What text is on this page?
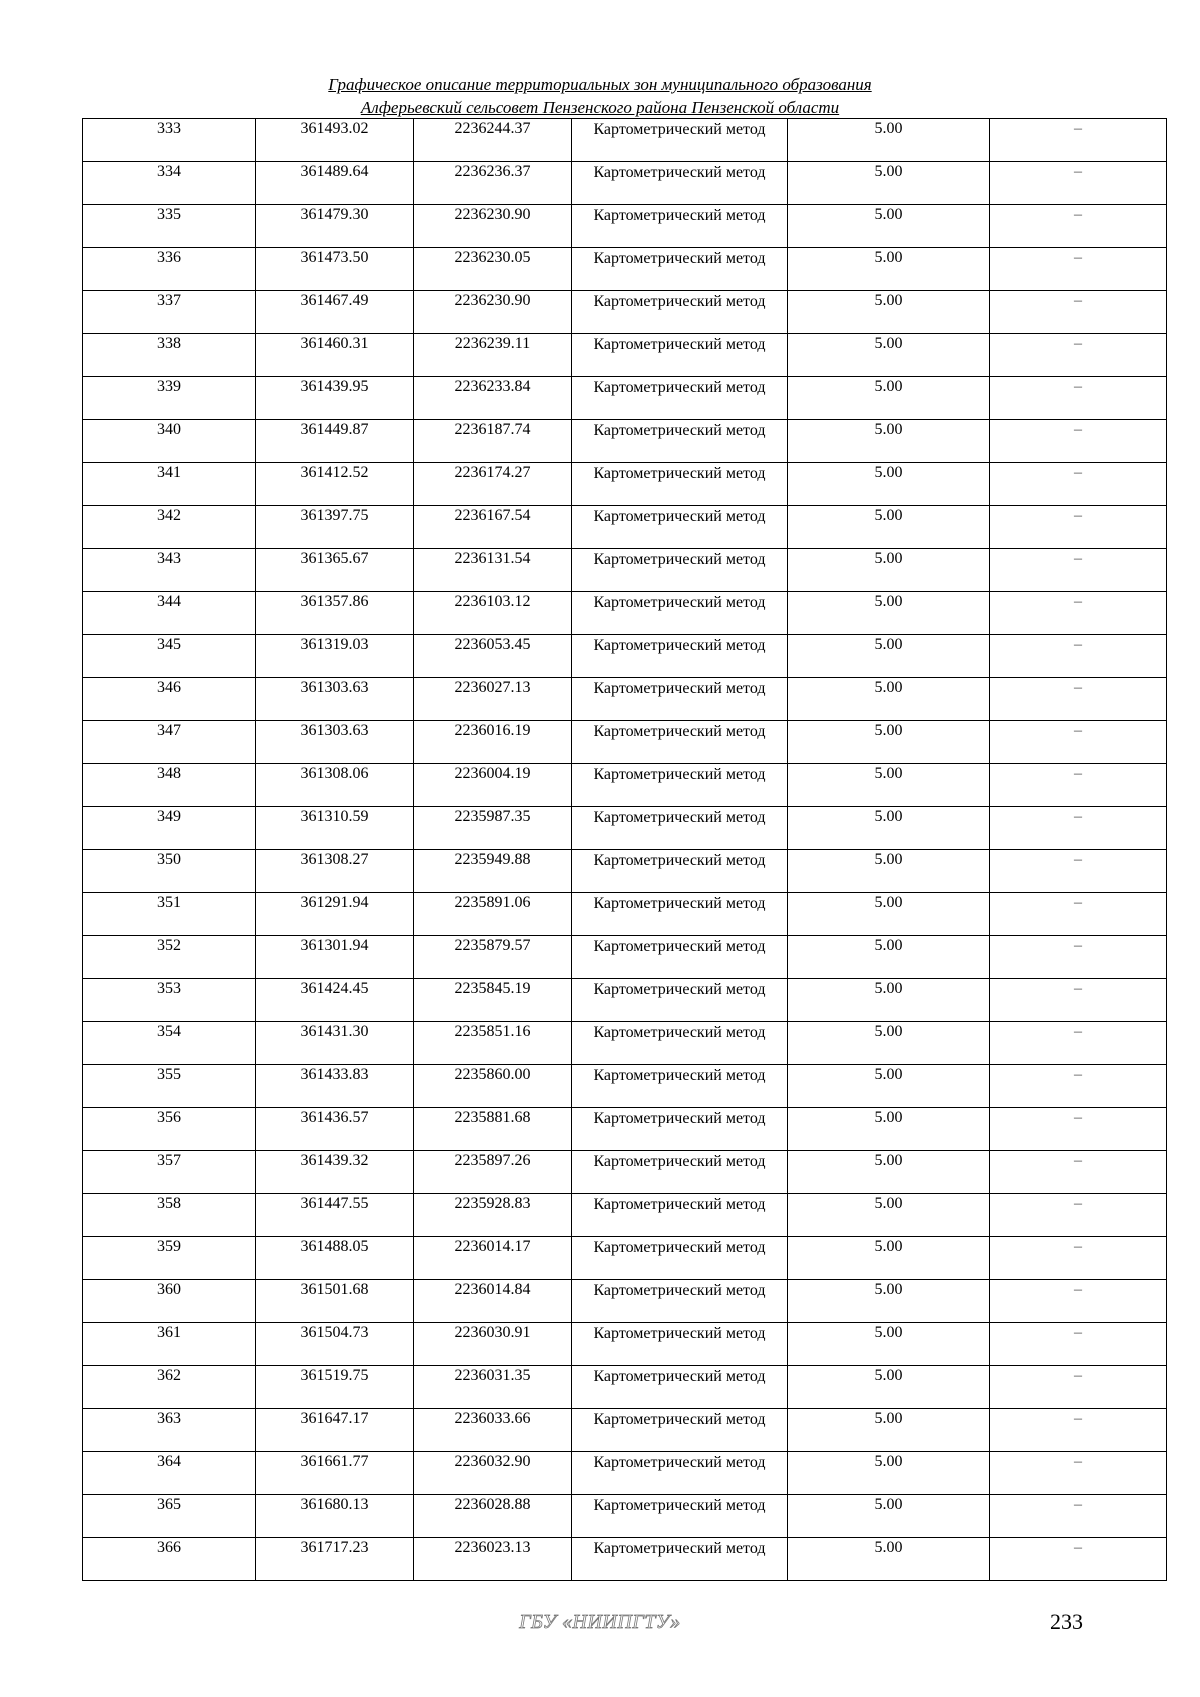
Графическое описание территориальных зон муниципального образования
Алферьевский сельсовет Пензенского района Пензенской области
333	361493.02	2236244.37	Картометрический метод	5.00	–
334	361489.64	2236236.37	Картометрический метод	5.00	–
335	361479.30	2236230.90	Картометрический метод	5.00	–
336	361473.50	2236230.05	Картометрический метод	5.00	–
337	361467.49	2236230.90	Картометрический метод	5.00	–
338	361460.31	2236239.11	Картометрический метод	5.00	–
339	361439.95	2236233.84	Картометрический метод	5.00	–
340	361449.87	2236187.74	Картометрический метод	5.00	–
341	361412.52	2236174.27	Картометрический метод	5.00	–
342	361397.75	2236167.54	Картометрический метод	5.00	–
343	361365.67	2236131.54	Картометрический метод	5.00	–
344	361357.86	2236103.12	Картометрический метод	5.00	–
345	361319.03	2236053.45	Картометрический метод	5.00	–
346	361303.63	2236027.13	Картометрический метод	5.00	–
347	361303.63	2236016.19	Картометрический метод	5.00	–
348	361308.06	2236004.19	Картометрический метод	5.00	–
349	361310.59	2235987.35	Картометрический метод	5.00	–
350	361308.27	2235949.88	Картометрический метод	5.00	–
351	361291.94	2235891.06	Картометрический метод	5.00	–
352	361301.94	2235879.57	Картометрический метод	5.00	–
353	361424.45	2235845.19	Картометрический метод	5.00	–
354	361431.30	2235851.16	Картометрический метод	5.00	–
355	361433.83	2235860.00	Картометрический метод	5.00	–
356	361436.57	2235881.68	Картометрический метод	5.00	–
357	361439.32	2235897.26	Картометрический метод	5.00	–
358	361447.55	2235928.83	Картометрический метод	5.00	–
359	361488.05	2236014.17	Картометрический метод	5.00	–
360	361501.68	2236014.84	Картометрический метод	5.00	–
361	361504.73	2236030.91	Картометрический метод	5.00	–
362	361519.75	2236031.35	Картометрический метод	5.00	–
363	361647.17	2236033.66	Картометрический метод	5.00	–
364	361661.77	2236032.90	Картометрический метод	5.00	–
365	361680.13	2236028.88	Картометрический метод	5.00	–
366	361717.23	2236023.13	Картометрический метод	5.00	–
ГБУ «НИИПГТУ»	233
